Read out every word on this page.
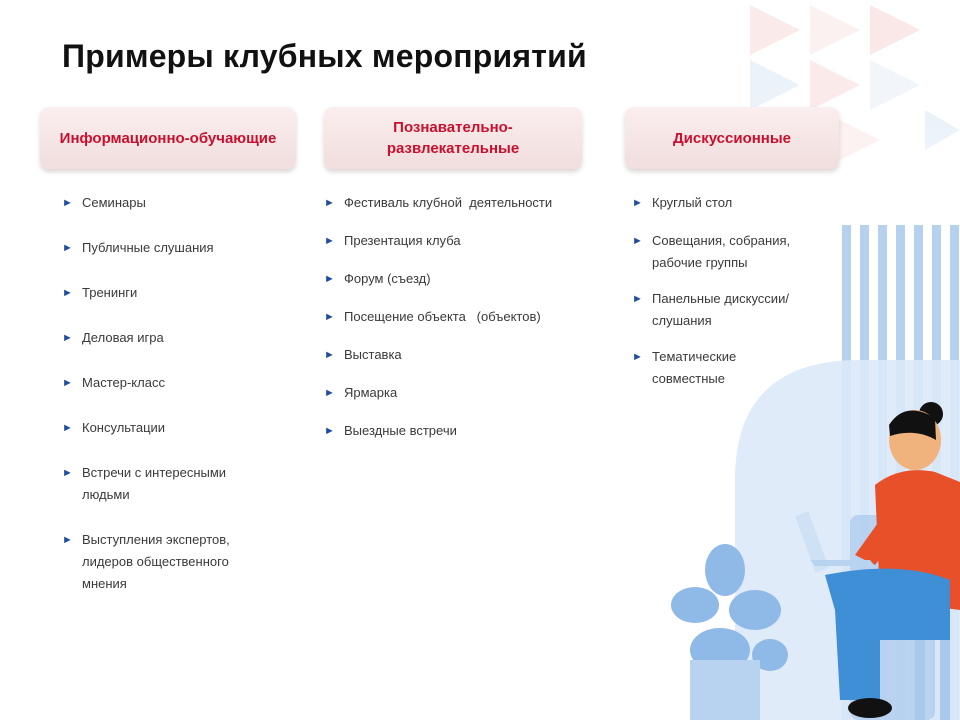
Примеры клубных мероприятий
Информационно-обучающие
Познавательно-развлекательные
Дискуссионные
► Семинары
► Публичные слушания
► Тренинги
► Деловая игра
► Мастер-класс
► Консультации
► Встречи с интересными людьми
► Выступления экспертов, лидеров общественного мнения
► Фестиваль клубной  деятельности
► Презентация клуба
► Форум (съезд)
► Посещение объекта   (объектов)
► Выставка
► Ярмарка
► Выездные встречи
► Круглый стол
► Совещания, собрания, рабочие группы
► Панельные дискуссии/слушания
► Тематические совместные
